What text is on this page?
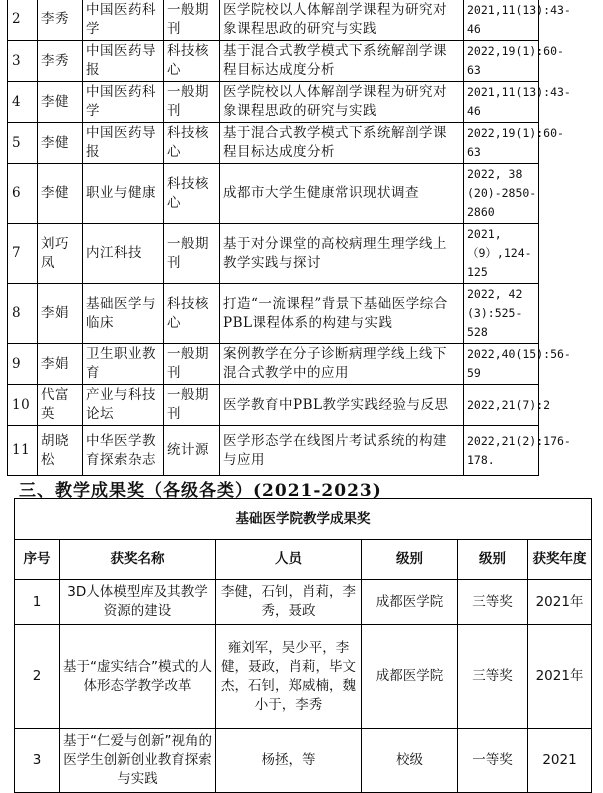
2	李秀	中国医药科学	一般期刊	医学院校以人体解剖学课程为研究对象课程思政的研究与实践	2021,11(13):43-46
3	李秀	中国医药导报	科技核心	基于混合式教学模式下系统解剖学课程目标达成度分析	2022,19(1):60-63
4	李健	中国医药科学	一般期刊	医学院校以人体解剖学课程为研究对象课程思政的研究与实践	2021,11(13):43-46
5	李健	中国医药导报	科技核心	基于混合式教学模式下系统解剖学课程目标达成度分析	2022,19(1):60-63
6	李健	职业与健康	科技核心	成都市大学生健康常识现状调查	2022, 38 (20)-2850-2860
7	刘巧凤	内江科技	一般期刊	基于对分课堂的高校病理生理学线上教学实践与探讨	2021,（9）,124-125
8	李娟	基础医学与临床	科技核心	打造“一流课程”背景下基础医学综合PBL课程体系的构建与实践	2022, 42 (3):525-528
9	李娟	卫生职业教育	一般期刊	案例教学在分子诊断病理学线上线下混合式教学中的应用	2022,40(15):56-59
10	代富英	产业与科技论坛	一般期刊	医学教育中PBL教学实践经验与反思	2022,21(7):2
11	胡晓松	中华医学教育探索杂志	统计源	医学形态学在线图片考试系统的构建与应用	2022,21(2):176-178.
三、教学成果奖（各级各类）(2021-2023)
基础医学院教学成果奖					
序号	获奖名称	人员	级别	级别	获奖年度
1	3D人体模型库及其教学资源的建设	李健，石钊，肖莉，李秀，聂政	成都医学院	三等奖	2021年
2	基于“虚实结合”模式的人体形态学教学改革	雍刘军，吴少平，李健，聂政，肖莉，毕文杰，石钊，郑威楠，魏小于，李秀	成都医学院	三等奖	2021年
3	基于“仁爱与创新”视角的医学生创新创业教育探索与实践	杨拯，等	校级	一等奖	2021
